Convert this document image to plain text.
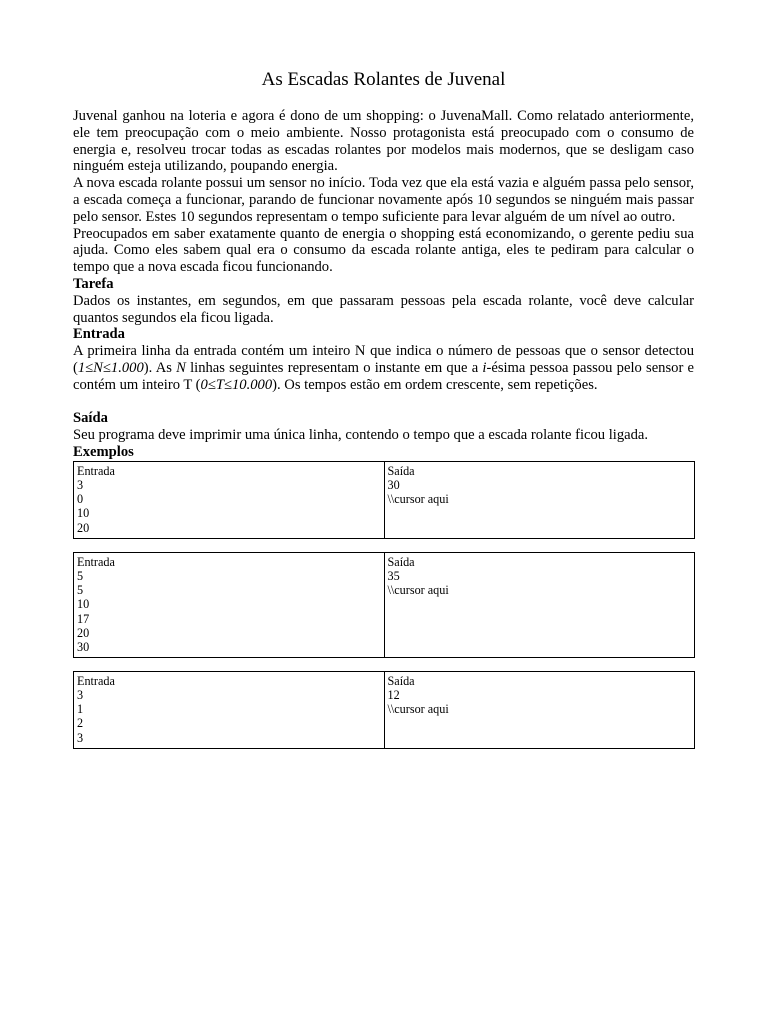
As Escadas Rolantes de Juvenal

Juvenal ganhou na loteria e agora é dono de um shopping: o JuvenaMall. Como relatado anteriormente, ele tem preocupação com o meio ambiente. Nosso protagonista está preocupado com o consumo de energia e, resolveu trocar todas as escadas rolantes por modelos mais modernos, que se desligam caso ninguém esteja utilizando, poupando energia.

A nova escada rolante possui um sensor no início. Toda vez que ela está vazia e alguém passa pelo sensor, a escada começa a funcionar, parando de funcionar novamente após 10 segundos se ninguém mais passar pelo sensor. Estes 10 segundos representam o tempo suficiente para levar alguém de um nível ao outro.

Preocupados em saber exatamente quanto de energia o shopping está economizando, o gerente pediu sua ajuda. Como eles sabem qual era o consumo da escada rolante antiga, eles te pediram para calcular o tempo que a nova escada ficou funcionando.

Tarefa

Dados os instantes, em segundos, em que passaram pessoas pela escada rolante, você deve calcular quantos segundos ela ficou ligada.

Entrada

A primeira linha da entrada contém um inteiro N que indica o número de pessoas que o sensor detectou (1≤N≤1.000). As N linhas seguintes representam o instante em que a i-ésima pessoa passou pelo sensor e contém um inteiro T (0≤T≤10.000). Os tempos estão em ordem crescente, sem repetições.

Saída

Seu programa deve imprimir uma única linha, contendo o tempo que a escada rolante ficou ligada.

Exemplos
Entrada
3
0
10
20

Saída
30
\\cursor aqui
Entrada
5
5
10
17
20
30

Saída
35
\\cursor aqui
Entrada
3
1
2
3

Saída
12
\\cursor aqui
